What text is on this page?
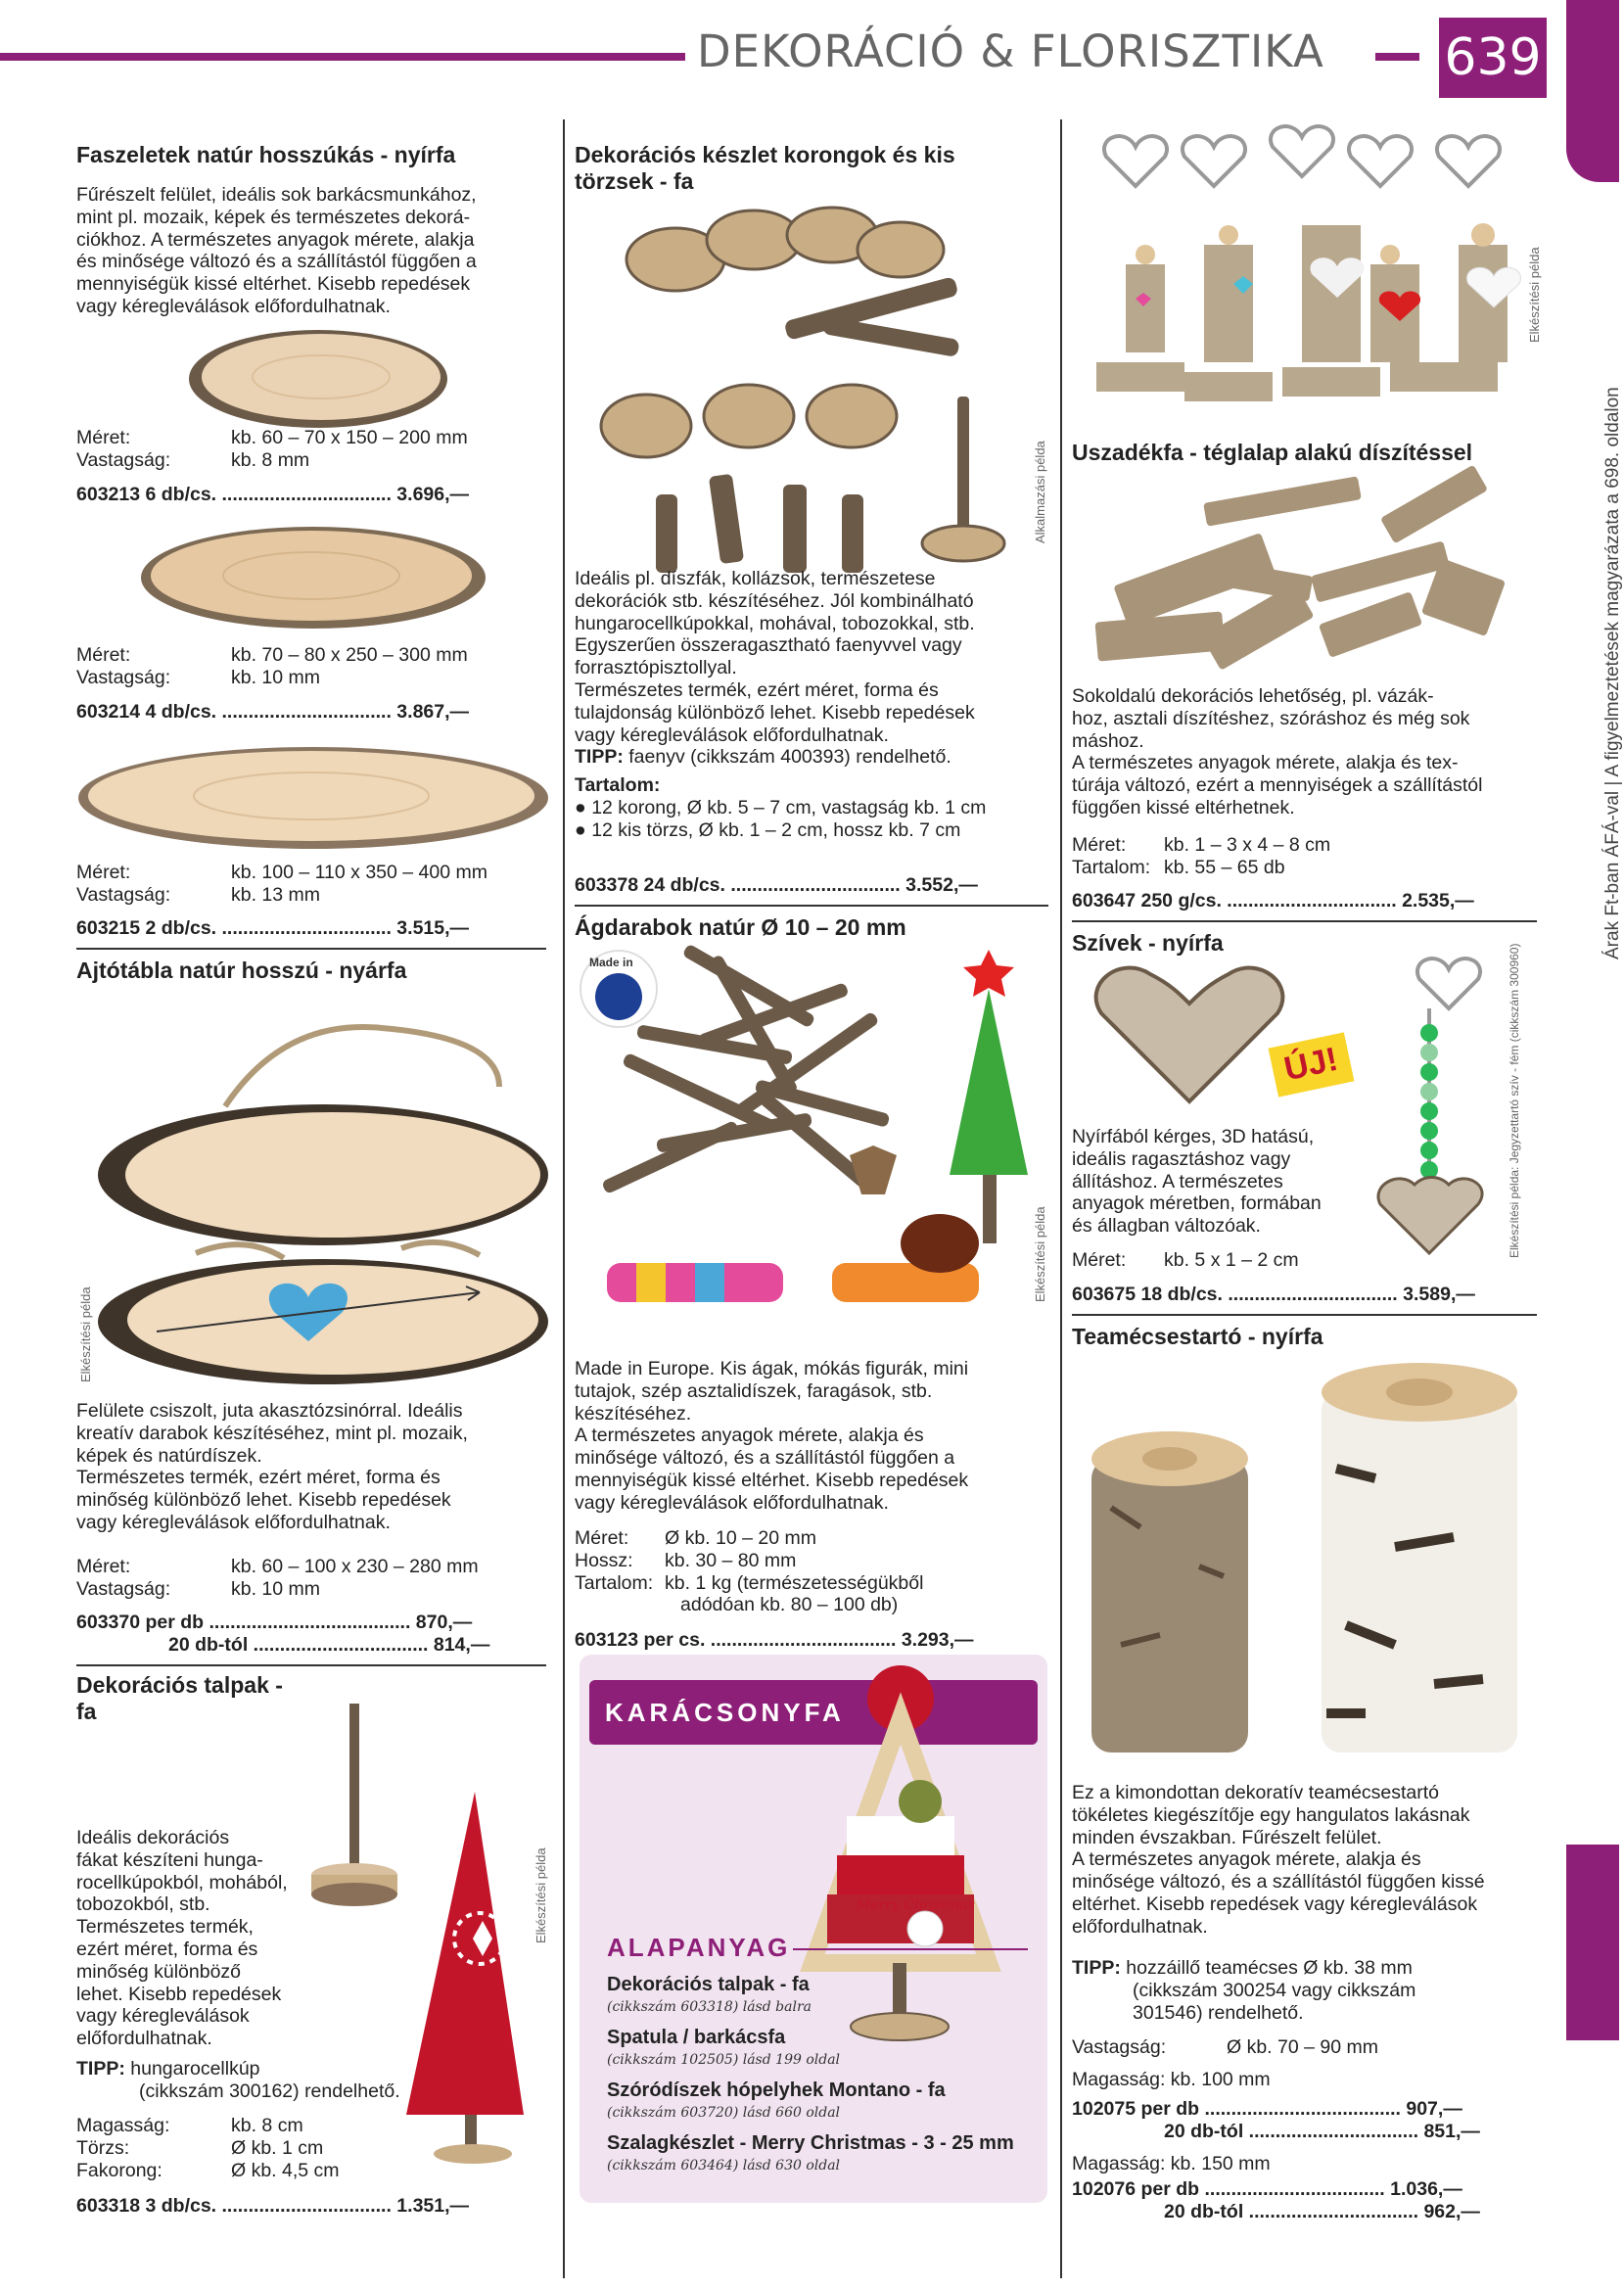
DEKORÁCIÓ & FLORISZTIKA 639
Árak Ft-ban ÁFÁ-val | A figyelmeztetések magyarázata a 698. oldalon
Faszeletek natúr hosszúkás - nyírfa
Fűrészelt felület, ideális sok barkácsmunkához,
mint pl. mozaik, képek és természetes dekorá-
ciókhoz. A természetes anyagok mérete, alakja
és minősége változó és a szállítástól függően a
mennyiségük kissé eltérhet. Kisebb repedések
vagy kéregleválások előfordulhatnak.
Méret:	kb. 60 – 70 x 150 – 200 mm
Vastagság:	kb. 8 mm
603213 6 db/cs. ................................ 3.696,—
Méret:	kb. 70 – 80 x 250 – 300 mm
Vastagság:	kb. 10 mm
603214 4 db/cs. ................................ 3.867,—
Méret:	kb. 100 – 110 x 350 – 400 mm
Vastagság:	kb. 13 mm
603215 2 db/cs. ................................ 3.515,—
Ajtótábla natúr hosszú - nyárfa
Elkészítési példa
Felülete csiszolt, juta akasztózsinórral. Ideális
kreatív darabok készítéséhez, mint pl. mozaik,
képek és natúrdíszek.
Természetes termék, ezért méret, forma és
minőség különböző lehet. Kisebb repedések
vagy kéregleválások előfordulhatnak.
Méret:	kb. 60 – 100 x 230 – 280 mm
Vastagság:	kb. 10 mm
603370 per db ...................................... 870,—
20 db-tól ................................. 814,—
Dekorációs talpak -
fa
Elkészítési példa
Ideális dekorációs
fákat készíteni hunga-
rocellkúpokból, mohából,
tobozokból, stb.
Természetes termék,
ezért méret, forma és
minőség különböző
lehet. Kisebb repedések
vagy kéregleválások
előfordulhatnak.
TIPP: hungarocellkúp
(cikkszám 300162) rendelhető.
Magasság:	kb. 8 cm
Törzs:	Ø kb. 1 cm
Fakorong:	Ø kb. 4,5 cm
603318 3 db/cs. ................................ 1.351,—
Dekorációs készlet korongok és kis
törzsek - fa
Alkalmazási példa
Ideális pl. díszfák, kollázsok, természetese
dekorációk stb. készítéséhez. Jól kombinálható
hungarocellkúpokkal, mohával, tobozokkal, stb.
Egyszerűen összeragasztható faenyvvel vagy
forrasztópisztollyal.
Természetes termék, ezért méret, forma és
tulajdonság különböző lehet. Kisebb repedések
vagy kéregleválások előfordulhatnak.
TIPP: faenyv (cikkszám 400393) rendelhető.
Tartalom:
● 12 korong, Ø kb. 5 – 7 cm, vastagság kb. 1 cm
● 12 kis törzs, Ø kb. 1 – 2 cm, hossz kb. 7 cm
603378 24 db/cs. ................................ 3.552,—
Ágdarabok natúr Ø 10 – 20 mm
Made in
Elkészítési példa
Made in Europe. Kis ágak, mókás figurák, mini
tutajok, szép asztalidíszek, faragások, stb.
készítéséhez.
A természetes anyagok mérete, alakja és
minősége változó, és a szállítástól függően a
mennyiségük kissé eltérhet. Kisebb repedések
vagy kéregleválások előfordulhatnak.
Méret: Ø kb. 10 – 20 mm
Hossz: kb. 30 – 80 mm
Tartalom: kb. 1 kg (természetességükből
adódóan kb. 80 – 100 db)
603123 per cs. ................................... 3.293,—
KARÁCSONYFA
Merry Christmas
ALAPANYAG
Dekorációs talpak - fa
(cikkszám 603318) lásd balra
Spatula / barkácsfa
(cikkszám 102505) lásd 199 oldal
Szóródíszek hópelyhek Montano - fa
(cikkszám 603720) lásd 660 oldal
Szalagkészlet - Merry Christmas - 3 - 25 mm
(cikkszám 603464) lásd 630 oldal
Elkészítési példa
Uszadékfa - téglalap alakú díszítéssel
Sokoldalú dekorációs lehetőség, pl. vázák-
hoz, asztali díszítéshez, szóráshoz és még sok
máshoz.
A természetes anyagok mérete, alakja és tex-
túrája változó, ezért a mennyiségek a szállítástól
függően kissé eltérhetnek.
Méret: kb. 1 – 3 x 4 – 8 cm
Tartalom: kb. 55 – 65 db
603647 250 g/cs. ................................ 2.535,—
Szívek - nyírfa
ÚJ!	Elkészítési példa: Jegyzettartó szív - fém (cikkszám 300960)
Nyírfából kérges, 3D hatású,
ideális ragasztáshoz vagy
állításhoz. A természetes
anyagok méretben, formában
és állagban változóak.
Méret: kb. 5 x 1 – 2 cm
603675 18 db/cs. ................................ 3.589,—
Teamécsestartó - nyírfa
Ez a kimondottan dekoratív teamécsestartó
tökéletes kiegészítője egy hangulatos lakásnak
minden évszakban. Fűrészelt felület.
A természetes anyagok mérete, alakja és
minősége változó, és a szállítástól függően kissé
eltérhet. Kisebb repedések vagy kéregleválások
előfordulhatnak.
TIPP: hozzáillő teamécses Ø kb. 38 mm
(cikkszám 300254 vagy cikkszám
301546) rendelhető.
Vastagság:	Ø kb. 70 – 90 mm
Magasság: kb. 100 mm
102075 per db ..................................... 907,—
20 db-tól ................................ 851,—
Magasság: kb. 150 mm
102076 per db .................................. 1.036,—
20 db-tól ................................ 962,—
